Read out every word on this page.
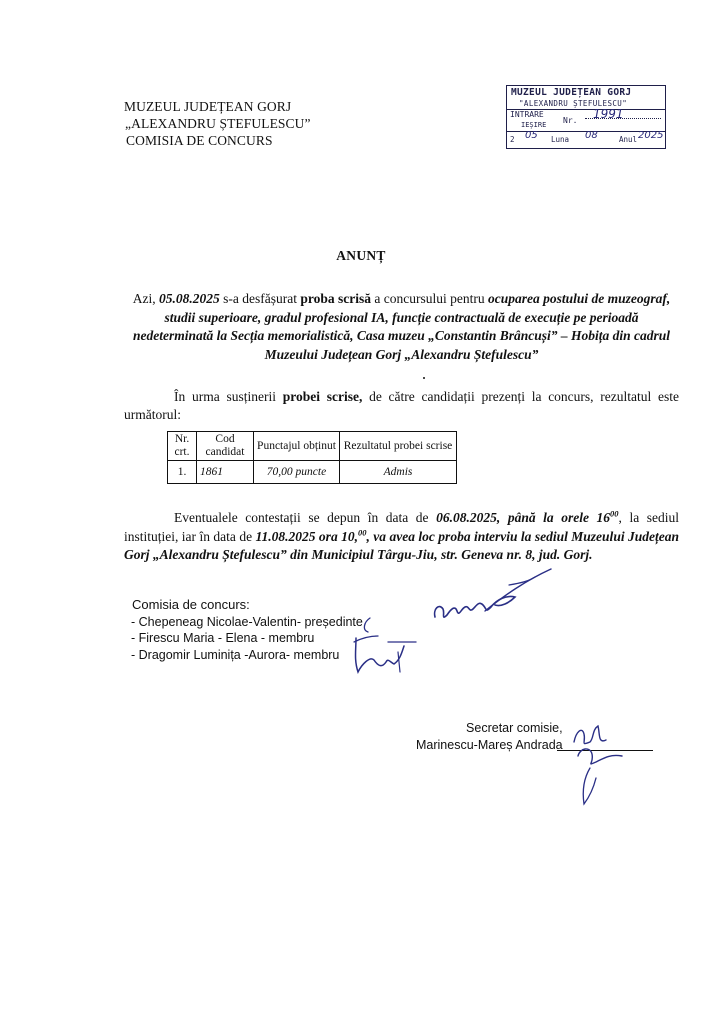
MUZEUL JUDEȚEAN GORJ
„ALEXANDRU ȘTEFULESCU”
COMISIA DE CONCURS
MUZEUL JUDEȚEAN GORJ
"ALEXANDRU ȘTEFULESCU"
INTRARE
IEȘIRE Nr. 1991
2 05 Luna 08	Anul 2025
ANUNȚ
Azi, 05.08.2025 s-a desfășurat proba scrisă a concursului pentru ocuparea postului de muzeograf, studii superioare, gradul profesional IA, funcție contractuală de execuție pe perioadă nedeterminată la Secția memorialistică, Casa muzeu „Constantin Brâncuși” – Hobița din cadrul Muzeului Județean Gorj „Alexandru Ștefulescu”
În urma susținerii probei scrise, de către candidații prezenți la concurs, rezultatul este următorul:
Nr. crt.	Cod candidat	Punctajul obținut	Rezultatul probei scrise
1.	1861	70,00 puncte	Admis
Eventualele contestații se depun în data de 06.08.2025, până la orele $16^{00}$, la sediul instituției, iar în data de 11.08.2025 ora 10,00, va avea loc proba interviu la sediul Muzeului Județean Gorj „Alexandru Ștefulescu” din Municipiul Târgu-Jiu, str. Geneva nr. 8, jud. Gorj.
Comisia de concurs:
- Chepeneag Nicolae-Valentin- președinte
- Firescu Maria - Elena - membru
- Dragomir Luminița -Aurora- membru
Secretar comisie,
Marinescu-Mareș Andrada
